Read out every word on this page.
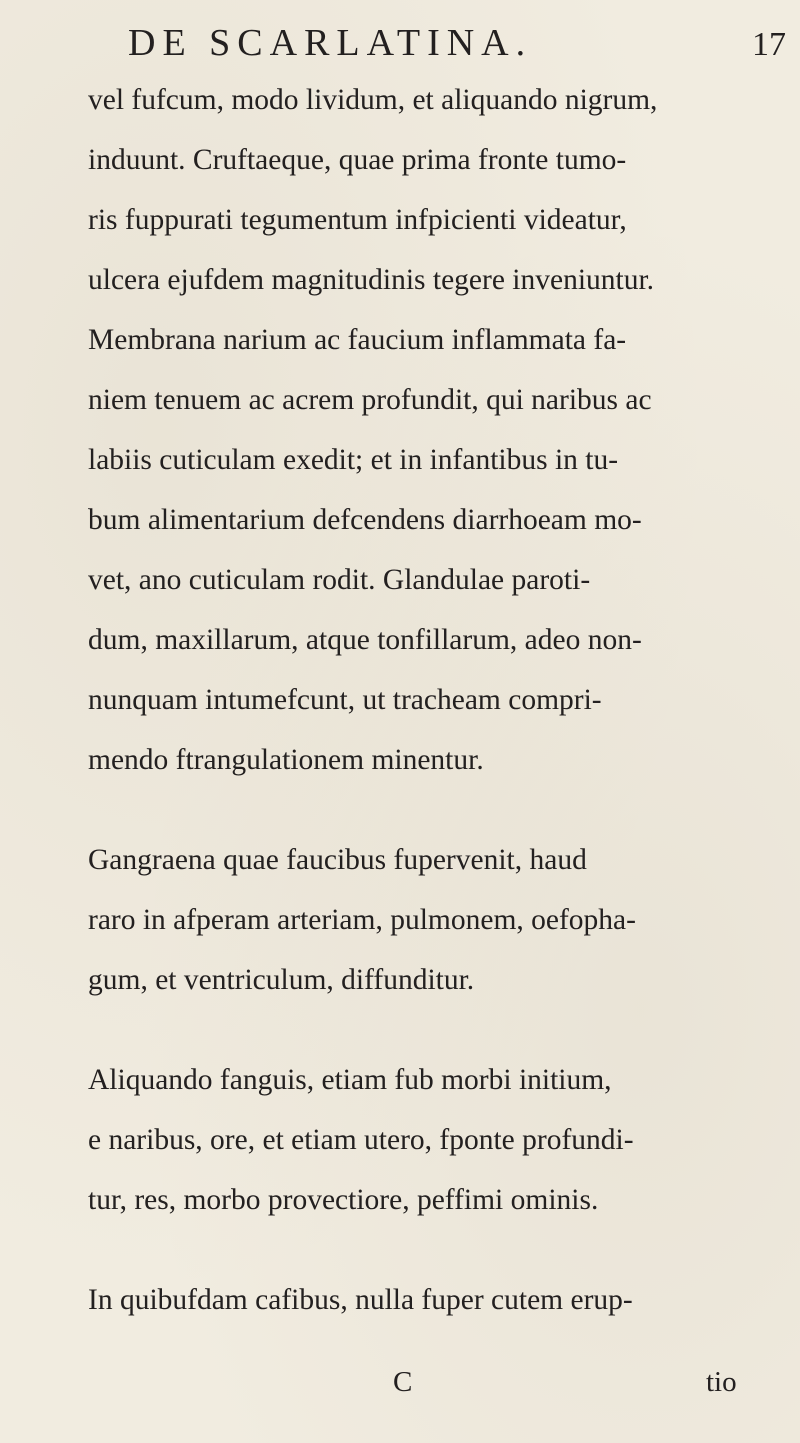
DE SCARLATINA.	17
vel fufcum, modo lividum, et aliquando nigrum,
induunt. Cruftaeque, quae prima fronte tumo-
ris fuppurati tegumentum infpicienti videatur,
ulcera ejufdem magnitudinis tegere inveniuntur.
Membrana narium ac faucium inflammata fa-
niem tenuem ac acrem profundit, qui naribus ac
labiis cuticulam exedit; et in infantibus in tu-
bum alimentarium defcendens diarrhoeam mo-
vet, ano cuticulam rodit. Glandulae paroti-
dum, maxillarum, atque tonfillarum, adeo non-
nunquam intumefcunt, ut tracheam compri-
mendo ftrangulationem minentur.
Gangraena quae faucibus fupervenit, haud
raro in afperam arteriam, pulmonem, oefopha-
gum, et ventriculum, diffunditur.
Aliquando fanguis, etiam fub morbi initium,
e naribus, ore, et etiam utero, fponte profundi-
tur, res, morbo provectiore, peffimi ominis.
In quibufdam cafibus, nulla fuper cutem erup-
C	tio
